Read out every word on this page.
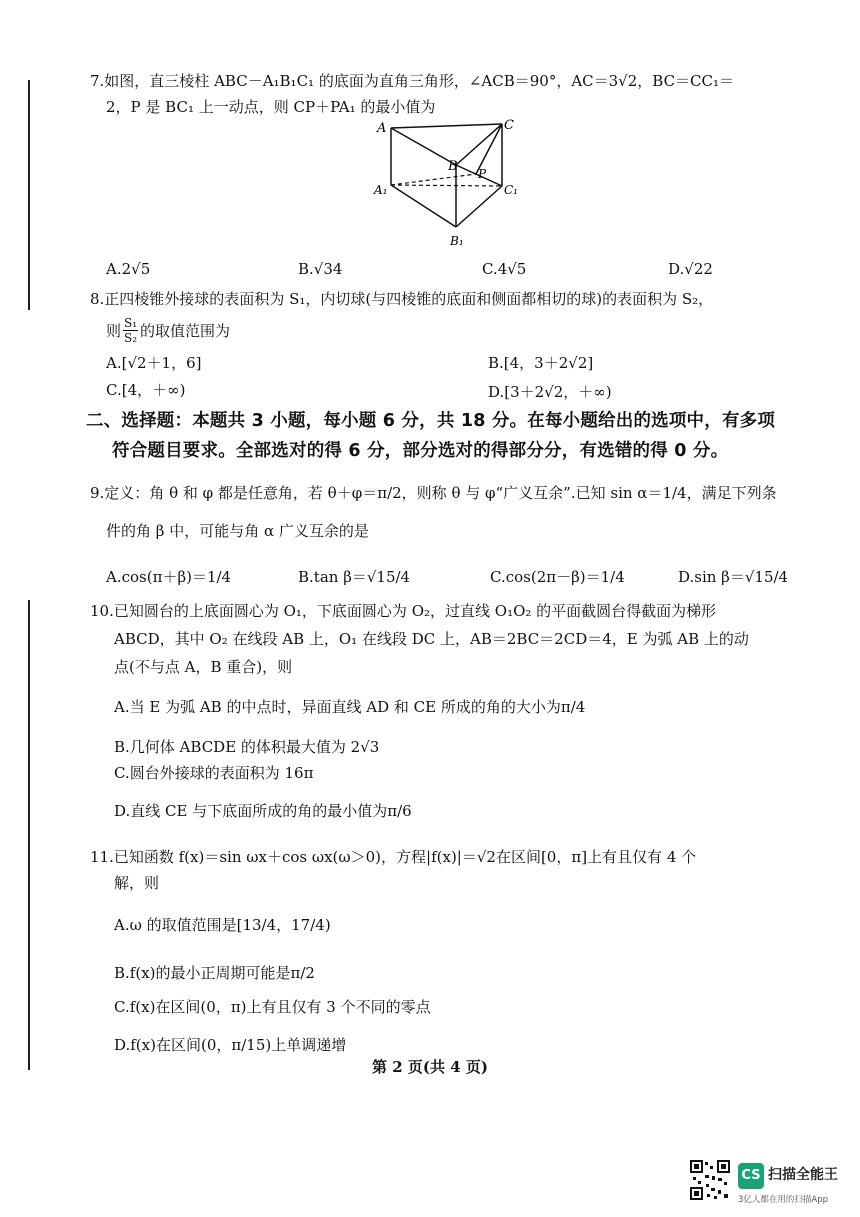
7.如图，直三棱柱 ABC－A₁B₁C₁ 的底面为直角三角形，∠ACB＝90°，AC＝3√2，BC＝CC₁＝
2，P 是 BC₁ 上一动点，则 CP＋PA₁ 的最小值为
A	C
B P
A₁	C₁
B₁
A.2√5	B.√34	C.4√5	D.√22
8.正四棱锥外接球的表面积为 S₁，内切球(与四棱锥的底面和侧面都相切的球)的表面积为 S₂，
则 $\frac{\text{S₁}}{\text{S₂}}$ 的取值范围为
A.[√2＋1，6]	B.[4，3＋2√2]
C.[4，＋∞)	D.[3＋2√2，＋∞)
二、选择题：本题共 3 小题，每小题 6 分，共 18 分。在每小题给出的选项中，有多项
符合题目要求。全部选对的得 6 分，部分选对的得部分分，有选错的得 0 分。
9.定义：角 θ 和 φ 都是任意角，若 θ＋φ＝π/2，则称 θ 与 φ“广义互余”.已知 sin α＝1/4，满足下列条
件的角 β 中，可能与角 α 广义互余的是
A.cos(π＋β)＝1/4	B.tan β＝√15/4	C.cos(2π－β)＝1/4	D.sin β＝√15/4
10.已知圆台的上底面圆心为 O₁，下底面圆心为 O₂，过直线 O₁O₂ 的平面截圆台得截面为梯形
ABCD，其中 O₂ 在线段 AB 上，O₁ 在线段 DC 上，AB＝2BC＝2CD＝4，E 为弧 AB 上的动
点(不与点 A，B 重合)，则
A.当 E 为弧 AB 的中点时，异面直线 AD 和 CE 所成的角的大小为π/4
B.几何体 ABCDE 的体积最大值为 2√3
C.圆台外接球的表面积为 16π
D.直线 CE 与下底面所成的角的最小值为π/6
11.已知函数 f(x)＝sin ωx＋cos ωx(ω＞0)，方程|f(x)|＝√2在区间[0，π]上有且仅有 4 个
解，则
A.ω 的取值范围是[13/4，17/4)
B.f(x)的最小正周期可能是π/2
C.f(x)在区间(0，π)上有且仅有 3 个不同的零点
D.f(x)在区间(0，π/15)上单调递增
第 2 页(共 4 页)
CS 扫描全能王
3亿人都在用的扫描App
